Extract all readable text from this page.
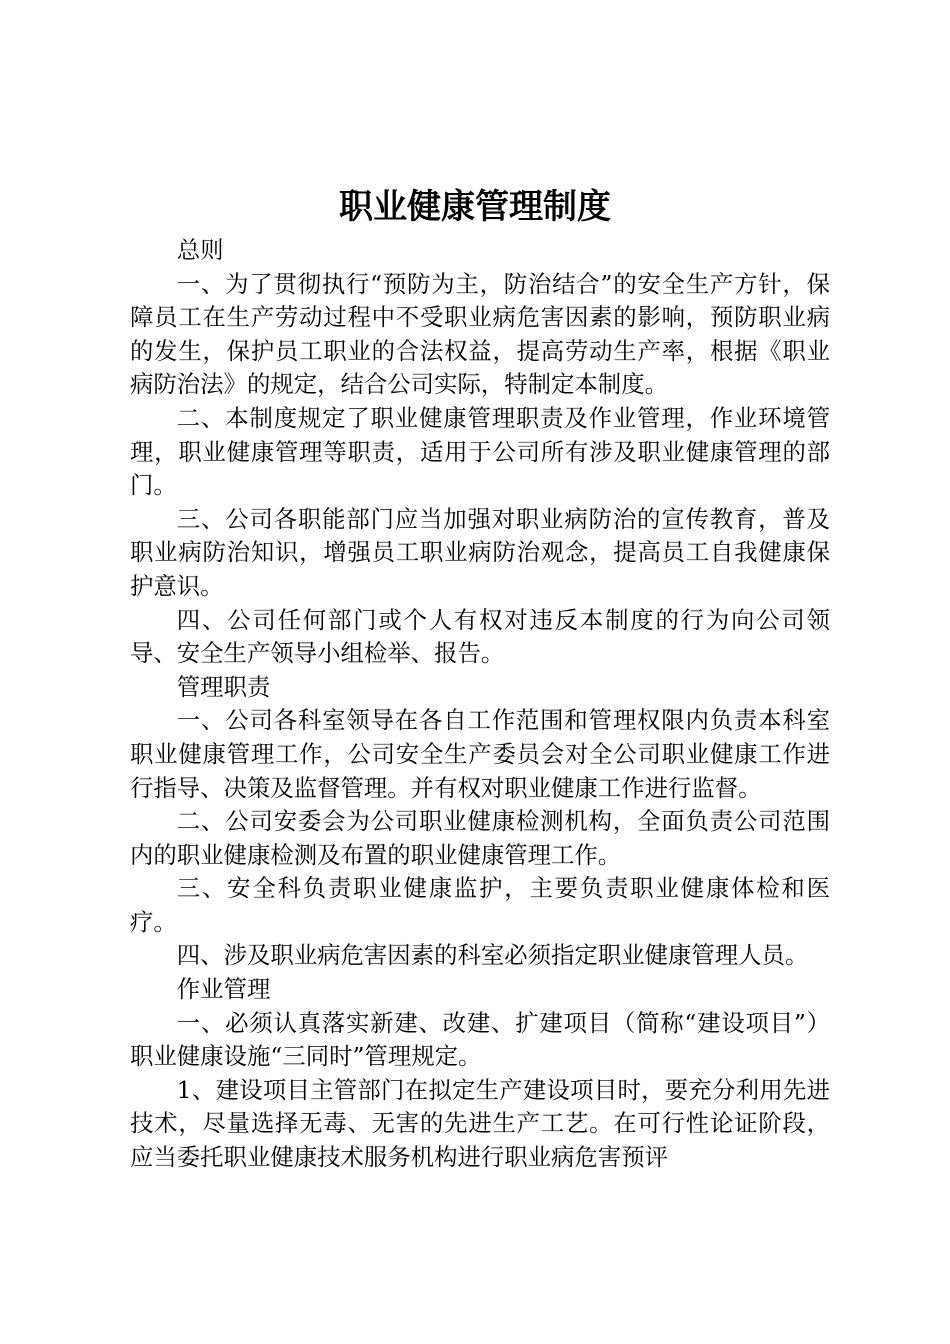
职业健康管理制度

总则

一、为了贯彻执行“预防为主，防治结合”的安全生产方针，保障员工在生产劳动过程中不受职业病危害因素的影响，预防职业病的发生，保护员工职业的合法权益，提高劳动生产率，根据《职业病防治法》的规定，结合公司实际，特制定本制度。

二、本制度规定了职业健康管理职责及作业管理，作业环境管理，职业健康管理等职责，适用于公司所有涉及职业健康管理的部门。

三、公司各职能部门应当加强对职业病防治的宣传教育，普及职业病防治知识，增强员工职业病防治观念，提高员工自我健康保护意识。

四、公司任何部门或个人有权对违反本制度的行为向公司领导、安全生产领导小组检举、报告。

管理职责

一、公司各科室领导在各自工作范围和管理权限内负责本科室职业健康管理工作，公司安全生产委员会对全公司职业健康工作进行指导、决策及监督管理。并有权对职业健康工作进行监督。

二、公司安委会为公司职业健康检测机构，全面负责公司范围内的职业健康检测及布置的职业健康管理工作。

三、安全科负责职业健康监护，主要负责职业健康体检和医疗。

四、涉及职业病危害因素的科室必须指定职业健康管理人员。

作业管理

一、必须认真落实新建、改建、扩建项目（简称“建设项目”）职业健康设施“三同时”管理规定。

1、建设项目主管部门在拟定生产建设项目时，要充分利用先进技术，尽量选择无毒、无害的先进生产工艺。在可行性论证阶段，应当委托职业健康技术服务机构进行职业病危害预评
